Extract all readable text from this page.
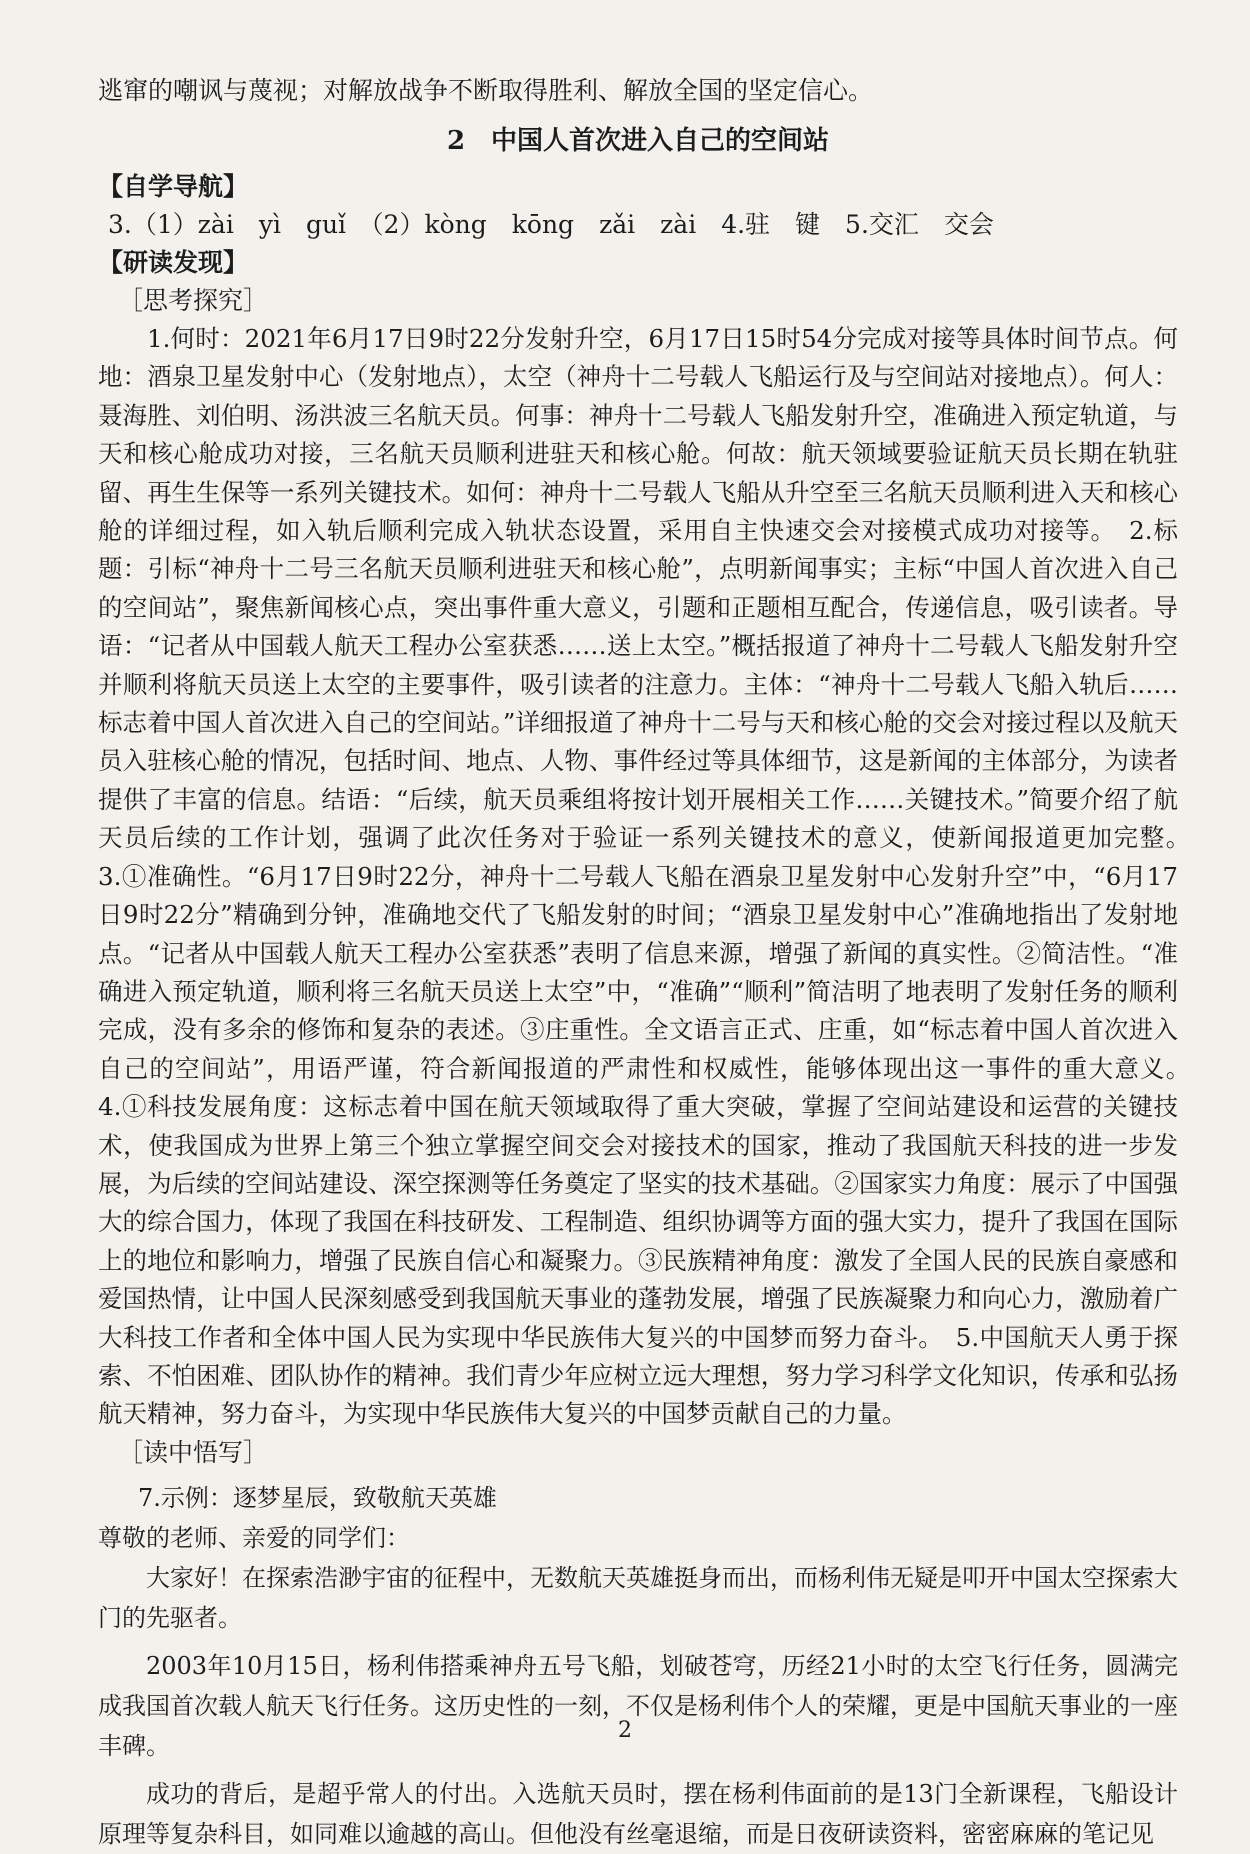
逃窜的嘲讽与蔑视；对解放战争不断取得胜利、解放全国的坚定信心。

2　中国人首次进入自己的空间站

【自学导航】

3.（1）zài　yì　guǐ　（2）kòng　kōng　zǎi　zài　4.驻　键　5.交汇　交会

【研读发现】

［思考探究］

1.何时：2021年6月17日9时22分发射升空，6月17日15时54分完成对接等具体时间节点。何地：酒泉卫星发射中心（发射地点），太空（神舟十二号载人飞船运行及与空间站对接地点）。何人：聂海胜、刘伯明、汤洪波三名航天员。何事：神舟十二号载人飞船发射升空，准确进入预定轨道，与天和核心舱成功对接，三名航天员顺利进驻天和核心舱。何故：航天领域要验证航天员长期在轨驻留、再生生保等一系列关键技术。如何：神舟十二号载人飞船从升空至三名航天员顺利进入天和核心舱的详细过程，如入轨后顺利完成入轨状态设置，采用自主快速交会对接模式成功对接等。　2.标题：引标“神舟十二号三名航天员顺利进驻天和核心舱”，点明新闻事实；主标“中国人首次进入自己的空间站”，聚焦新闻核心点，突出事件重大意义，引题和正题相互配合，传递信息，吸引读者。导语：“记者从中国载人航天工程办公室获悉……送上太空。”概括报道了神舟十二号载人飞船发射升空并顺利将航天员送上太空的主要事件，吸引读者的注意力。主体：“神舟十二号载人飞船入轨后……标志着中国人首次进入自己的空间站。”详细报道了神舟十二号与天和核心舱的交会对接过程以及航天员入驻核心舱的情况，包括时间、地点、人物、事件经过等具体细节，这是新闻的主体部分，为读者提供了丰富的信息。结语：“后续，航天员乘组将按计划开展相关工作……关键技术。”简要介绍了航天员后续的工作计划，强调了此次任务对于验证一系列关键技术的意义，使新闻报道更加完整。　3.①准确性。“6月17日9时22分，神舟十二号载人飞船在酒泉卫星发射中心发射升空”中，“6月17日9时22分”精确到分钟，准确地交代了飞船发射的时间；“酒泉卫星发射中心”准确地指出了发射地点。“记者从中国载人航天工程办公室获悉”表明了信息来源，增强了新闻的真实性。②简洁性。“准确进入预定轨道，顺利将三名航天员送上太空”中，“准确”“顺利”简洁明了地表明了发射任务的顺利完成，没有多余的修饰和复杂的表述。③庄重性。全文语言正式、庄重，如“标志着中国人首次进入自己的空间站”，用语严谨，符合新闻报道的严肃性和权威性，能够体现出这一事件的重大意义。　4.①科技发展角度：这标志着中国在航天领域取得了重大突破，掌握了空间站建设和运营的关键技术，使我国成为世界上第三个独立掌握空间交会对接技术的国家，推动了我国航天科技的进一步发展，为后续的空间站建设、深空探测等任务奠定了坚实的技术基础。②国家实力角度：展示了中国强大的综合国力，体现了我国在科技研发、工程制造、组织协调等方面的强大实力，提升了我国在国际上的地位和影响力，增强了民族自信心和凝聚力。③民族精神角度：激发了全国人民的民族自豪感和爱国热情，让中国人民深刻感受到我国航天事业的蓬勃发展，增强了民族凝聚力和向心力，激励着广大科技工作者和全体中国人民为实现中华民族伟大复兴的中国梦而努力奋斗。　5.中国航天人勇于探索、不怕困难、团队协作的精神。我们青少年应树立远大理想，努力学习科学文化知识，传承和弘扬航天精神，努力奋斗，为实现中华民族伟大复兴的中国梦贡献自己的力量。

［读中悟写］

7.示例：逐梦星辰，致敬航天英雄

尊敬的老师、亲爱的同学们：

大家好！在探索浩渺宇宙的征程中，无数航天英雄挺身而出，而杨利伟无疑是叩开中国太空探索大门的先驱者。

2003年10月15日，杨利伟搭乘神舟五号飞船，划破苍穹，历经21小时的太空飞行任务，圆满完成我国首次载人航天飞行任务。这历史性的一刻，不仅是杨利伟个人的荣耀，更是中国航天事业的一座丰碑。

成功的背后，是超乎常人的付出。入选航天员时，摆在杨利伟面前的是13门全新课程，飞船设计原理等复杂科目，如同难以逾越的高山。但他没有丝毫退缩，而是日夜研读资料，密密麻麻的笔记见

2
